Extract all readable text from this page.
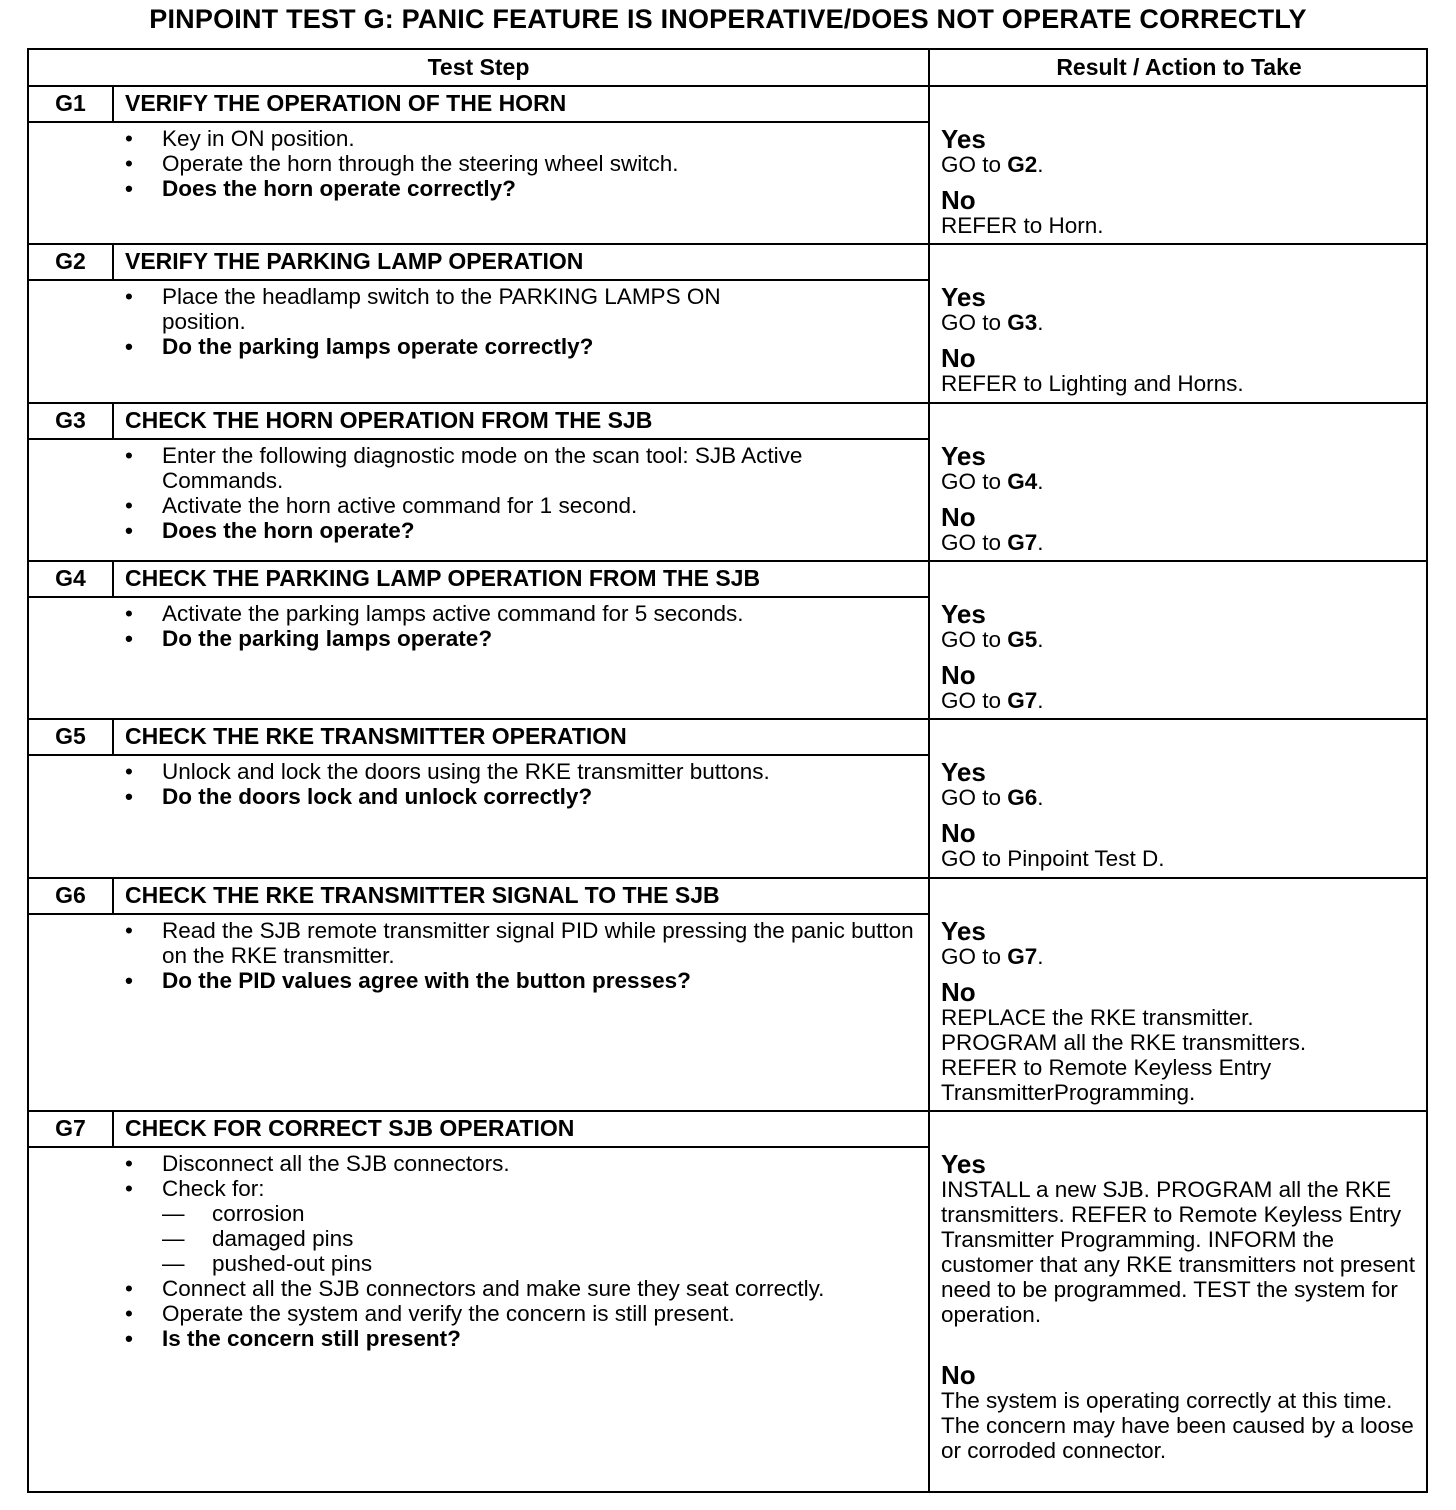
PINPOINT TEST G: PANIC FEATURE IS INOPERATIVE/DOES NOT OPERATE CORRECTLY
Test Step	Result / Action to Take
G1	VERIFY THE OPERATION OF THE HORN
• Key in ON position.
• Operate the horn through the steering wheel switch.
• Does the horn operate correctly?
Yes
GO to G2.
No
REFER to Horn.
G2	VERIFY THE PARKING LAMP OPERATION
• Place the headlamp switch to the PARKING LAMPS ON position.
• Do the parking lamps operate correctly?
Yes
GO to G3.
No
REFER to Lighting and Horns.
G3	CHECK THE HORN OPERATION FROM THE SJB
• Enter the following diagnostic mode on the scan tool: SJB Active Commands.
• Activate the horn active command for 1 second.
• Does the horn operate?
Yes
GO to G4.
No
GO to G7.
G4	CHECK THE PARKING LAMP OPERATION FROM THE SJB
• Activate the parking lamps active command for 5 seconds.
• Do the parking lamps operate?
Yes
GO to G5.
No
GO to G7.
G5	CHECK THE RKE TRANSMITTER OPERATION
• Unlock and lock the doors using the RKE transmitter buttons.
• Do the doors lock and unlock correctly?
Yes
GO to G6.
No
GO to Pinpoint Test D.
G6	CHECK THE RKE TRANSMITTER SIGNAL TO THE SJB
• Read the SJB remote transmitter signal PID while pressing the panic button on the RKE transmitter.
• Do the PID values agree with the button presses?
Yes
GO to G7.
No
REPLACE the RKE transmitter. PROGRAM all the RKE transmitters. REFER to Remote Keyless Entry TransmitterProgramming.
G7	CHECK FOR CORRECT SJB OPERATION
• Disconnect all the SJB connectors.
• Check for:
— corrosion
— damaged pins
— pushed-out pins
• Connect all the SJB connectors and make sure they seat correctly.
• Operate the system and verify the concern is still present.
• Is the concern still present?
Yes
INSTALL a new SJB. PROGRAM all the RKE transmitters. REFER to Remote Keyless Entry Transmitter Programming. INFORM the customer that any RKE transmitters not present need to be programmed. TEST the system for operation.
No
The system is operating correctly at this time. The concern may have been caused by a loose or corroded connector.
